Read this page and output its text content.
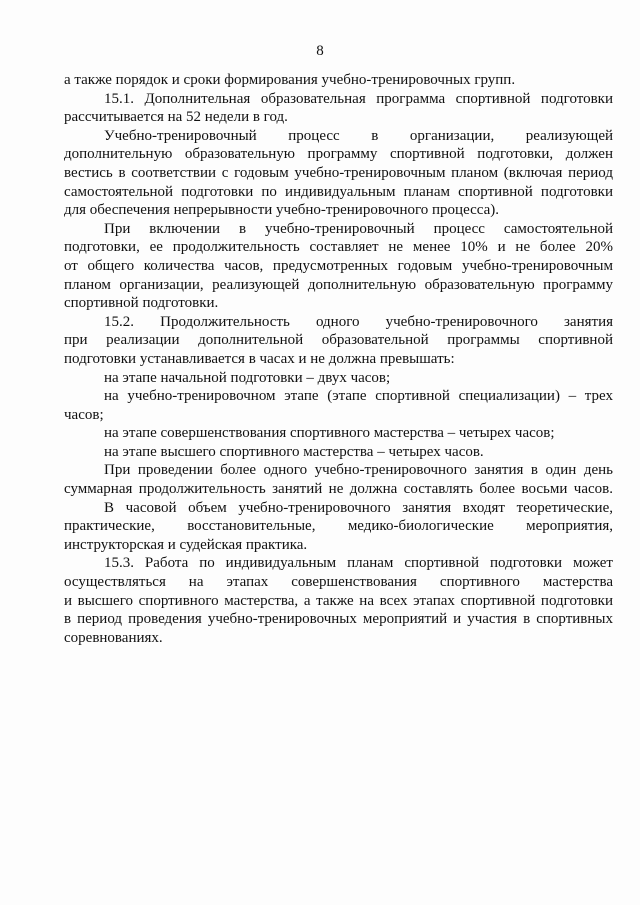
8
а также порядок и сроки формирования учебно-тренировочных групп.
15.1. Дополнительная образовательная программа спортивной подготовки
рассчитывается на 52 недели в год.
Учебно-тренировочный процесс в организации, реализующей
дополнительную образовательную программу спортивной подготовки, должен
вестись в соответствии с годовым учебно-тренировочным планом (включая период
самостоятельной подготовки по индивидуальным планам спортивной подготовки
для обеспечения непрерывности учебно-тренировочного процесса).
При включении в учебно-тренировочный процесс самостоятельной
подготовки, ее продолжительность составляет не менее 10% и не более 20%
от общего количества часов, предусмотренных годовым учебно-тренировочным
планом организации, реализующей дополнительную образовательную программу
спортивной подготовки.
15.2. Продолжительность одного учебно-тренировочного занятия
при реализации дополнительной образовательной программы спортивной
подготовки устанавливается в часах и не должна превышать:
на этапе начальной подготовки – двух часов;
на учебно-тренировочном этапе (этапе спортивной специализации) – трех
часов;
на этапе совершенствования спортивного мастерства – четырех часов;
на этапе высшего спортивного мастерства – четырех часов.
При проведении более одного учебно-тренировочного занятия в один день
суммарная продолжительность занятий не должна составлять более восьми часов.
В часовой объем учебно-тренировочного занятия входят теоретические,
практические, восстановительные, медико-биологические мероприятия,
инструкторская и судейская практика.
15.3. Работа по индивидуальным планам спортивной подготовки может
осуществляться на этапах совершенствования спортивного мастерства
и высшего спортивного мастерства, а также на всех этапах спортивной подготовки
в период проведения учебно-тренировочных мероприятий и участия в спортивных
соревнованиях.
